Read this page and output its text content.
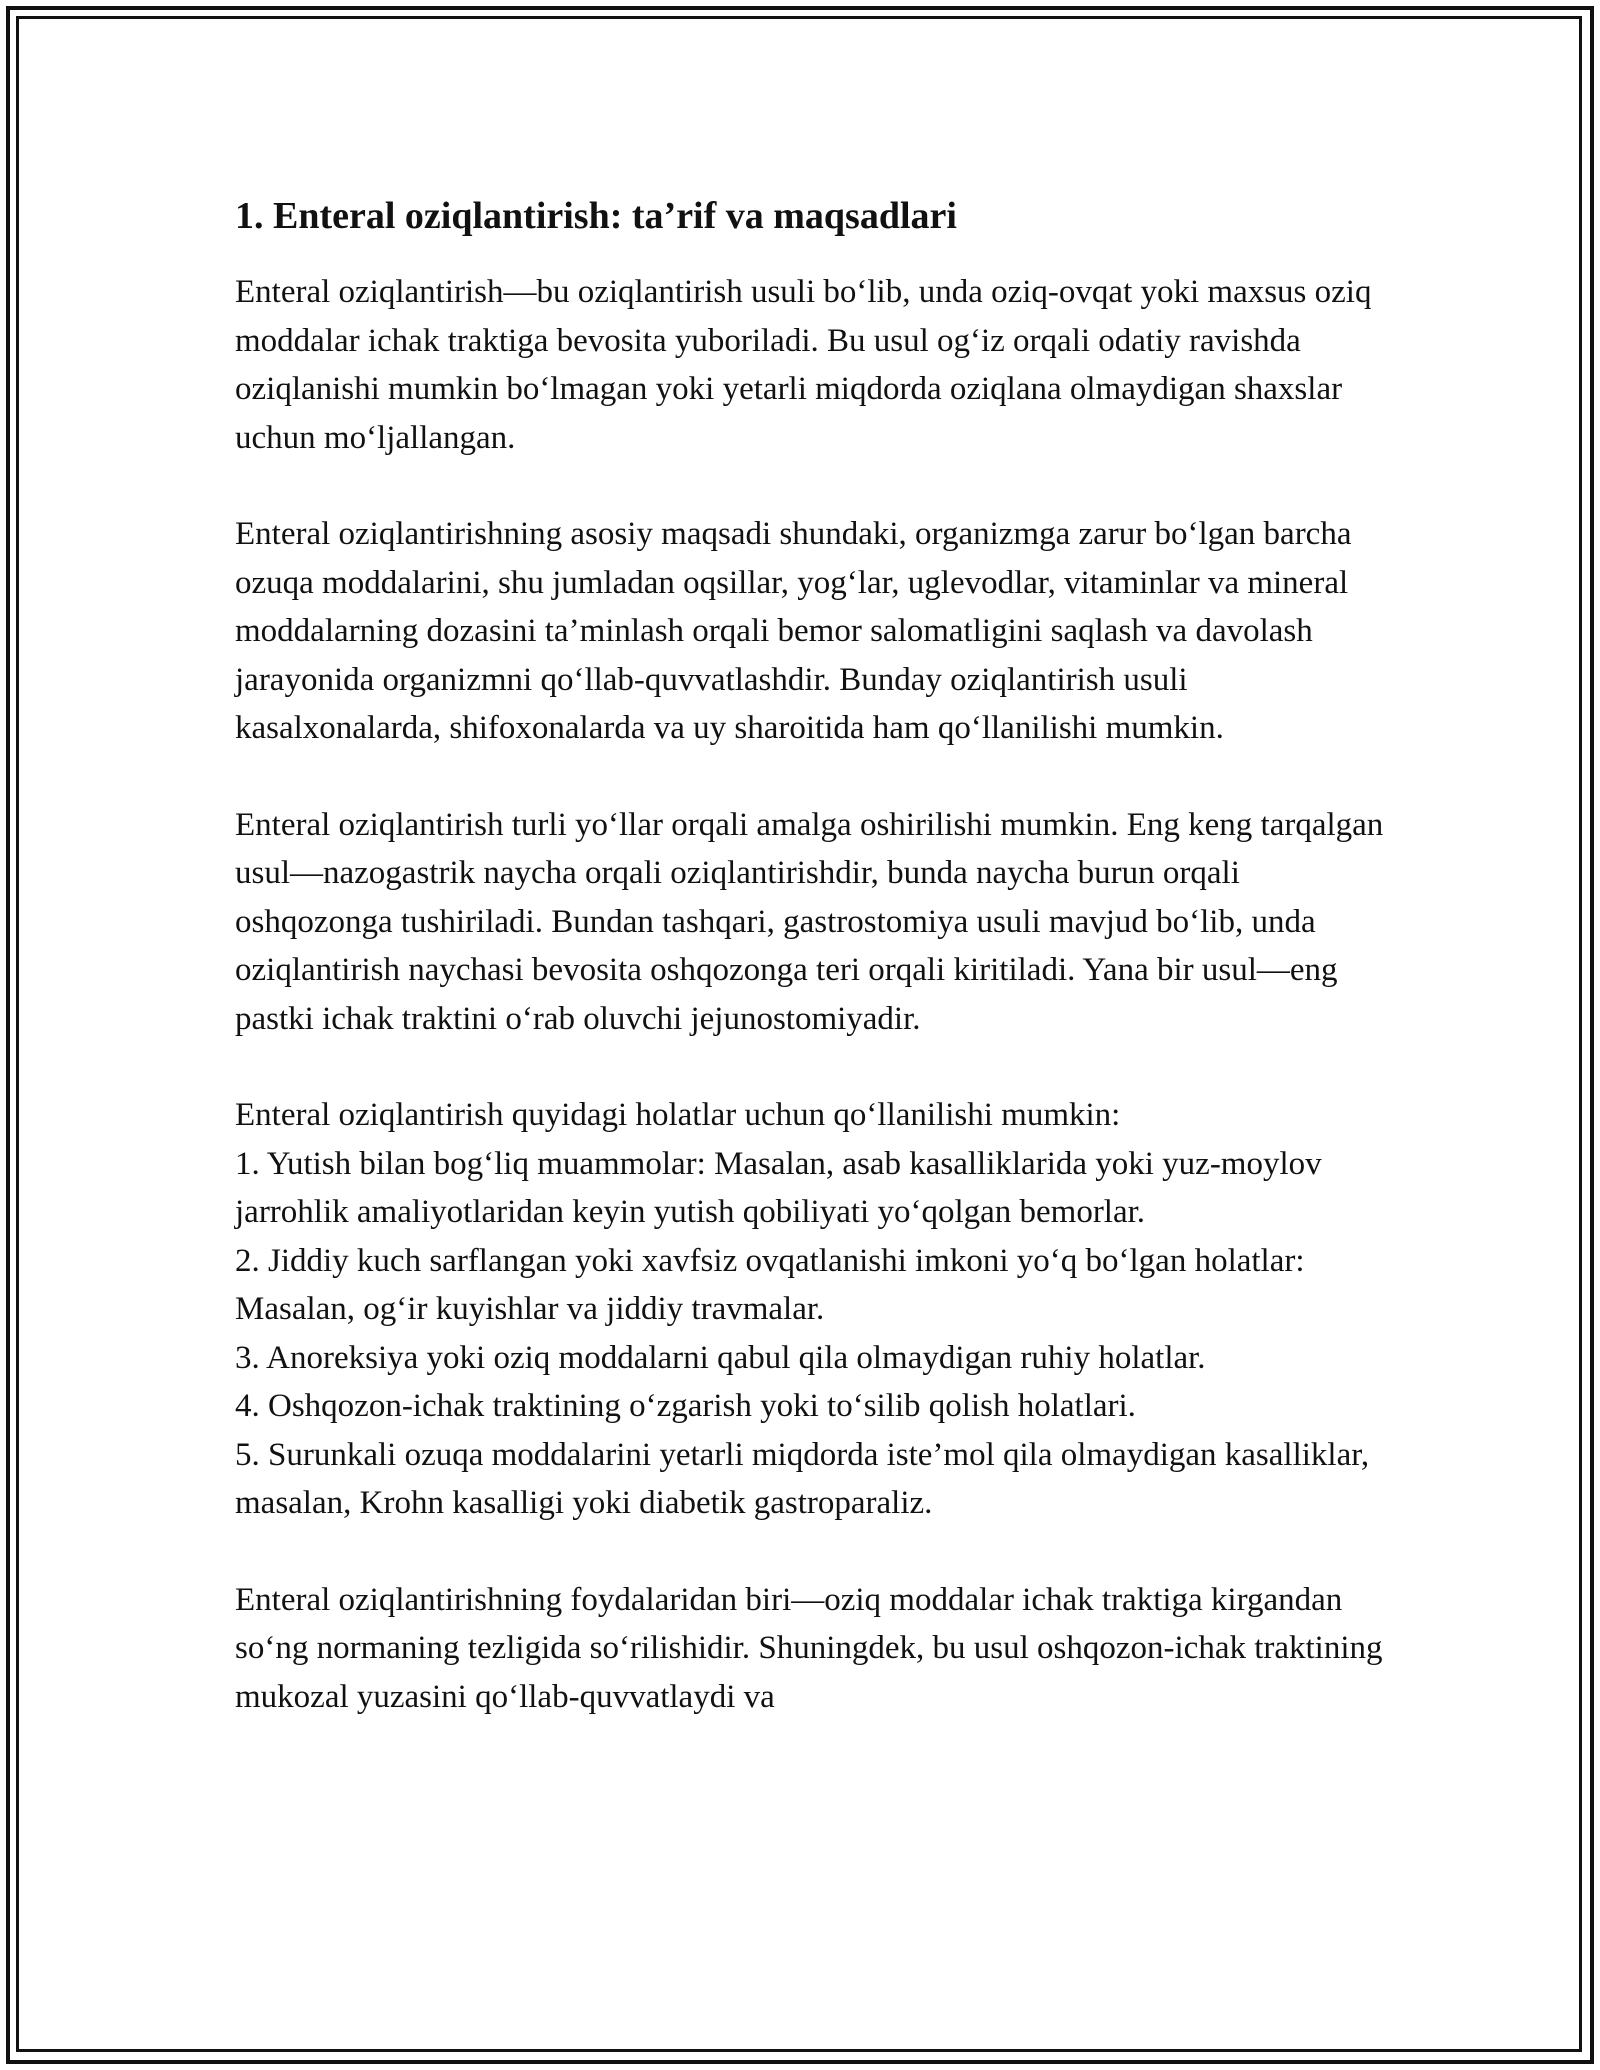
1. Enteral oziqlantirish: ta’rif va maqsadlari

Enteral oziqlantirish—bu oziqlantirish usuli bo‘lib, unda oziq-ovqat yoki maxsus oziq moddalar ichak traktiga bevosita yuboriladi. Bu usul og‘iz orqali odatiy ravishda oziqlanishi mumkin bo‘lmagan yoki yetarli miqdorda oziqlana olmaydigan shaxslar uchun mo‘ljallangan.

Enteral oziqlantirishning asosiy maqsadi shundaki, organizmga zarur bo‘lgan barcha ozuqa moddalarini, shu jumladan oqsillar, yog‘lar, uglevodlar, vitaminlar va mineral moddalarning dozasini ta’minlash orqali bemor salomatligini saqlash va davolash jarayonida organizmni qo‘llab-quvvatlashdir. Bunday oziqlantirish usuli kasalxonalarda, shifoxonalarda va uy sharoitida ham qo‘llanilishi mumkin.

Enteral oziqlantirish turli yo‘llar orqali amalga oshirilishi mumkin. Eng keng tarqalgan usul—nazogastrik naycha orqali oziqlantirishdir, bunda naycha burun orqali oshqozonga tushiriladi. Bundan tashqari, gastrostomiya usuli mavjud bo‘lib, unda oziqlantirish naychasi bevosita oshqozonga teri orqali kiritiladi. Yana bir usul—eng pastki ichak traktini o‘rab oluvchi jejunostomiyadir.

Enteral oziqlantirish quyidagi holatlar uchun qo‘llanilishi mumkin:

1. Yutish bilan bog‘liq muammolar: Masalan, asab kasalliklarida yoki yuz-moylov jarrohlik amaliyotlaridan keyin yutish qobiliyati yo‘qolgan bemorlar.

2. Jiddiy kuch sarflangan yoki xavfsiz ovqatlanishi imkoni yo‘q bo‘lgan holatlar: Masalan, og‘ir kuyishlar va jiddiy travmalar.

3. Anoreksiya yoki oziq moddalarni qabul qila olmaydigan ruhiy holatlar.

4. Oshqozon-ichak traktining o‘zgarish yoki to‘silib qolish holatlari.

5. Surunkali ozuqa moddalarini yetarli miqdorda iste’mol qila olmaydigan kasalliklar, masalan, Krohn kasalligi yoki diabetik gastroparaliz.

Enteral oziqlantirishning foydalaridan biri—oziq moddalar ichak traktiga kirgandan so‘ng normaning tezligida so‘rilishidir. Shuningdek, bu usul oshqozon-ichak traktining mukozal yuzasini qo‘llab-quvvatlaydi va
